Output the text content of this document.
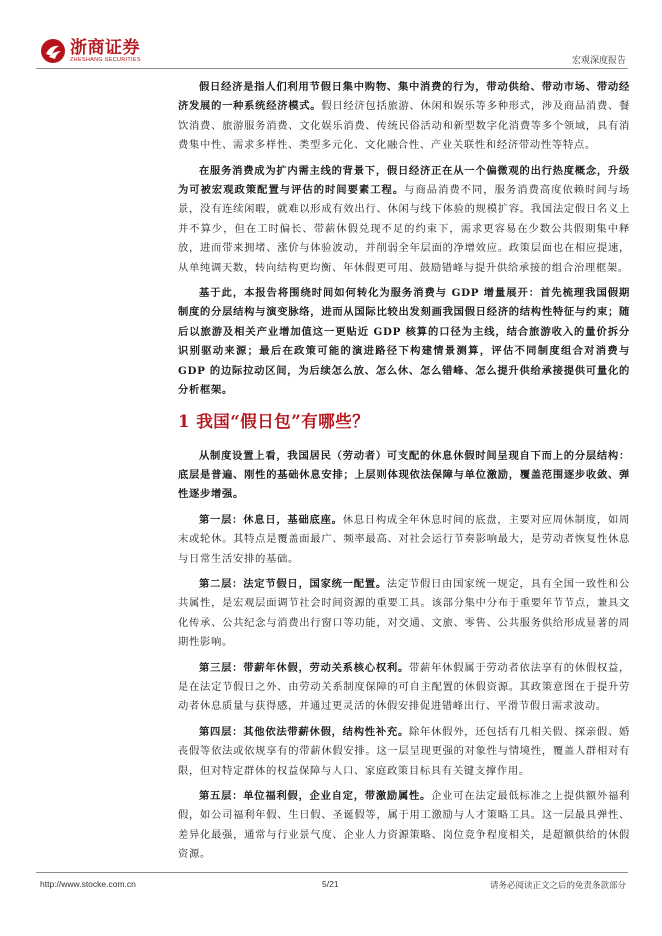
浙商证券
ZHESHANG SECURITIES	宏观深度报告

假日经济是指人们利用节假日集中购物、集中消费的行为，带动供给、带动市场、带动经济发展的一种系统经济模式。假日经济包括旅游、休闲和娱乐等多种形式，涉及商品消费、餐饮消费、旅游服务消费、文化娱乐消费、传统民俗活动和新型数字化消费等多个领域，具有消费集中性、需求多样性、类型多元化、文化融合性、产业关联性和经济带动性等特点。

在服务消费成为扩内需主线的背景下，假日经济正在从一个偏微观的出行热度概念，升级为可被宏观政策配置与评估的时间要素工程。与商品消费不同，服务消费高度依赖时间与场景，没有连续闲暇，就难以形成有效出行、休闲与线下体验的规模扩容。我国法定假日名义上并不算少，但在工时偏长、带薪休假兑现不足的约束下，需求更容易在少数公共假期集中释放，进而带来拥堵、涨价与体验波动，并削弱全年层面的净增效应。政策层面也在相应提速，从单纯调天数，转向结构更均衡、年休假更可用、鼓励错峰与提升供给承接的组合治理框架。

基于此，本报告将围绕时间如何转化为服务消费与 GDP 增量展开：首先梳理我国假期制度的分层结构与演变脉络，进而从国际比较出发刻画我国假日经济的结构性特征与约束；随后以旅游及相关产业增加值这一更贴近 GDP 核算的口径为主线，结合旅游收入的量价拆分识别驱动来源；最后在政策可能的演进路径下构建情景测算，评估不同制度组合对消费与 GDP 的边际拉动区间，为后续怎么放、怎么休、怎么错峰、怎么提升供给承接提供可量化的分析框架。

1 我国“假日包”有哪些？

从制度设置上看，我国居民（劳动者）可支配的休息休假时间呈现自下而上的分层结构：底层是普遍、刚性的基础休息安排；上层则体现依法保障与单位激励，覆盖范围逐步收敛、弹性逐步增强。

第一层：休息日，基础底座。休息日构成全年休息时间的底盘，主要对应周休制度，如周末或轮休。其特点是覆盖面最广、频率最高、对社会运行节奏影响最大，是劳动者恢复性休息与日常生活安排的基础。

第二层：法定节假日，国家统一配置。法定节假日由国家统一规定，具有全国一致性和公共属性，是宏观层面调节社会时间资源的重要工具。该部分集中分布于重要年节节点，兼具文化传承、公共纪念与消费出行窗口等功能，对交通、文旅、零售、公共服务供给形成显著的周期性影响。

第三层：带薪年休假，劳动关系核心权利。带薪年休假属于劳动者依法享有的休假权益，是在法定节假日之外、由劳动关系制度保障的可自主配置的休假资源。其政策意图在于提升劳动者休息质量与获得感，并通过更灵活的休假安排促进错峰出行、平滑节假日需求波动。

第四层：其他依法带薪休假，结构性补充。除年休假外，还包括有几相关假、探亲假、婚丧假等依法或依规享有的带薪休假安排。这一层呈现更强的对象性与情境性，覆盖人群相对有限，但对特定群体的权益保障与人口、家庭政策目标具有关键支撑作用。

第五层：单位福利假，企业自定，带激励属性。企业可在法定最低标准之上提供额外福利假，如公司福利年假、生日假、圣诞假等，属于用工激励与人才策略工具。这一层最具弹性、差异化最强，通常与行业景气度、企业人力资源策略、岗位竞争程度相关，是超额供给的休假资源。

http://www.stocke.com.cn	5/21	请务必阅读正文之后的免责条款部分
